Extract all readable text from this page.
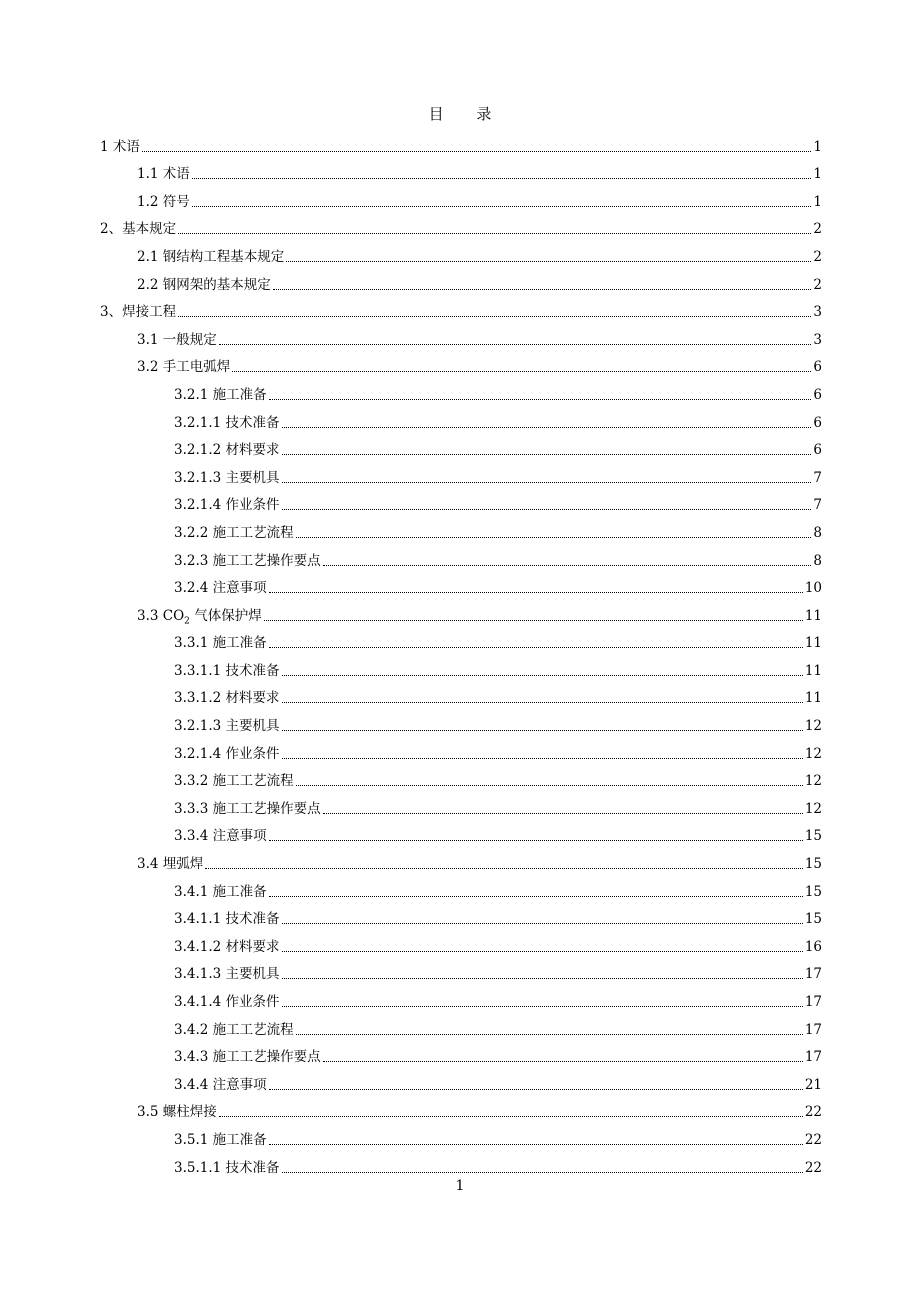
目 录
1 术语	1
1.1 术语	1
1.2 符号	1
2、基本规定	2
2.1 钢结构工程基本规定	2
2.2 钢网架的基本规定	2
3、焊接工程	3
3.1 一般规定	3
3.2 手工电弧焊	6
3.2.1 施工准备	6
3.2.1.1 技术准备	6
3.2.1.2 材料要求	6
3.2.1.3 主要机具	7
3.2.1.4 作业条件	7
3.2.2 施工工艺流程	8
3.2.3 施工工艺操作要点	8
3.2.4 注意事项	10
3.3 $CO_2$ 气体保护焊	11
3.3.1 施工准备	11
3.3.1.1 技术准备	11
3.3.1.2 材料要求	11
3.2.1.3 主要机具	12
3.2.1.4 作业条件	12
3.3.2 施工工艺流程	12
3.3.3 施工工艺操作要点	12
3.3.4 注意事项	15
3.4 埋弧焊	15
3.4.1 施工准备	15
3.4.1.1 技术准备	15
3.4.1.2 材料要求	16
3.4.1.3 主要机具	17
3.4.1.4 作业条件	17
3.4.2 施工工艺流程	17
3.4.3 施工工艺操作要点	17
3.4.4 注意事项	21
3.5 螺柱焊接	22
3.5.1 施工准备	22
3.5.1.1 技术准备	22
1
